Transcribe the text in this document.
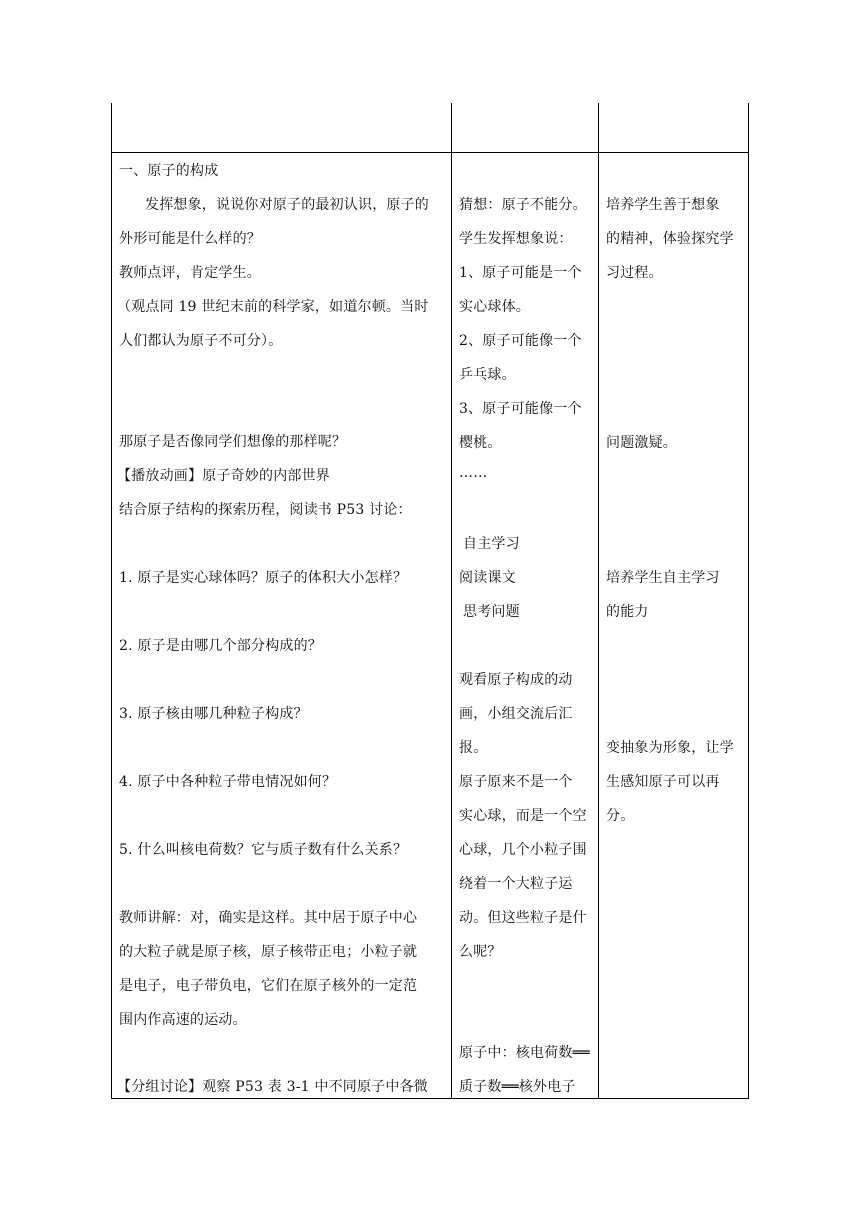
一、原子的构成
发挥想象，说说你对原子的最初认识，原子的
外形可能是什么样的？
教师点评，肯定学生。
（观点同 19 世纪末前的科学家，如道尔顿。当时
人们都认为原子不可分）。
那原子是否像同学们想像的那样呢？
【播放动画】原子奇妙的内部世界
结合原子结构的探索历程，阅读书 P53 讨论：
1. 原子是实心球体吗？原子的体积大小怎样？
2. 原子是由哪几个部分构成的？
3. 原子核由哪几种粒子构成？
4. 原子中各种粒子带电情况如何？
5. 什么叫核电荷数？它与质子数有什么关系？
教师讲解：对，确实是这样。其中居于原子中心
的大粒子就是原子核，原子核带正电；小粒子就
是电子，电子带负电，它们在原子核外的一定范
围内作高速的运动。
【分组讨论】观察 P53 表 3-1 中不同原子中各微
猜想：原子不能分。
学生发挥想象说：
1、原子可能是一个
实心球体。
2、原子可能像一个
乒乓球。
3、原子可能像一个
樱桃。
……
自主学习
阅读课文
思考问题
观看原子构成的动
画，小组交流后汇
报。
原子原来不是一个
实心球，而是一个空
心球，几个小粒子围
绕着一个大粒子运
动。但这些粒子是什
么呢？
原子中：核电荷数══
质子数══核外电子
培养学生善于想象
的精神，体验探究学
习过程。
问题激疑。
培养学生自主学习
的能力
变抽象为形象，让学
生感知原子可以再
分。
